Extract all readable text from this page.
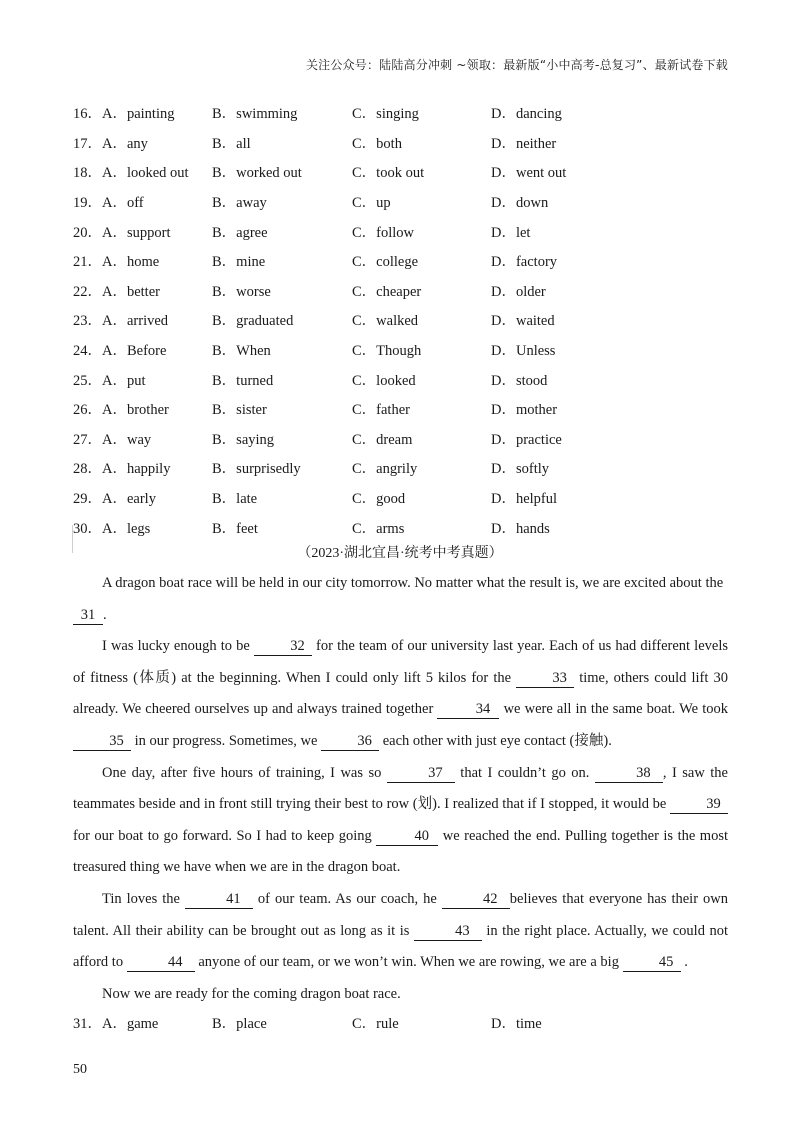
关注公众号：陆陆高分冲刺 ~领取：最新版“小中高考-总复习”、最新试卷下载
16．A．painting	B．swimming	C．singing	D．dancing
17．A．any	B．all	C．both	D．neither
18．A．looked out	B．worked out	C．took out	D．went out
19．A．off	B．away	C．up	D．down
20．A．support	B．agree	C．follow	D．let
21．A．home	B．mine	C．college	D．factory
22．A．better	B．worse	C．cheaper	D．older
23．A．arrived	B．graduated	C．walked	D．waited
24．A．Before	B．When	C．Though	D．Unless
25．A．put	B．turned	C．looked	D．stood
26．A．brother	B．sister	C．father	D．mother
27．A．way	B．saying	C．dream	D．practice
28．A．happily	B．surprisedly	C．angrily	D．softly
29．A．early	B．late	C．good	D．helpful
30．A．legs	B．feet	C．arms	D．hands
（2023·湖北宜昌·统考中考真题）

A dragon boat race will be held in our city tomorrow. No matter what the result is, we are excited about the
31 .

I was lucky enough to be	32 for the team of our university last year. Each of us had different levels of fitness (体质) at the beginning. When I could only lift 5 kilos for the	33 time, others could lift 30 already. We cheered ourselves up and always trained together	34 we were all in the same boat. We took 35 in our progress. Sometimes, we	36 each other with just eye contact (接触).

One day, after five hours of training, I was so	37 that I couldn’t go on.	38 , I saw the teammates beside and in front still trying their best to row (划). I realized that if I stopped, it would be	39 for our boat to go forward. So I had to keep going	40 we reached the end. Pulling together is the most treasured thing we have when we are in the dragon boat.

Tin loves the	41 of our team. As our coach, he	42 believes that everyone has their own talent. All their ability can be brought out as long as it is	43 in the right place. Actually, we could not afford to	44 anyone of our team, or we won’t win. When we are rowing, we are a big	45 .

Now we are ready for the coming dragon boat race.

31．A．game	B．place	C．rule	D．time
50
